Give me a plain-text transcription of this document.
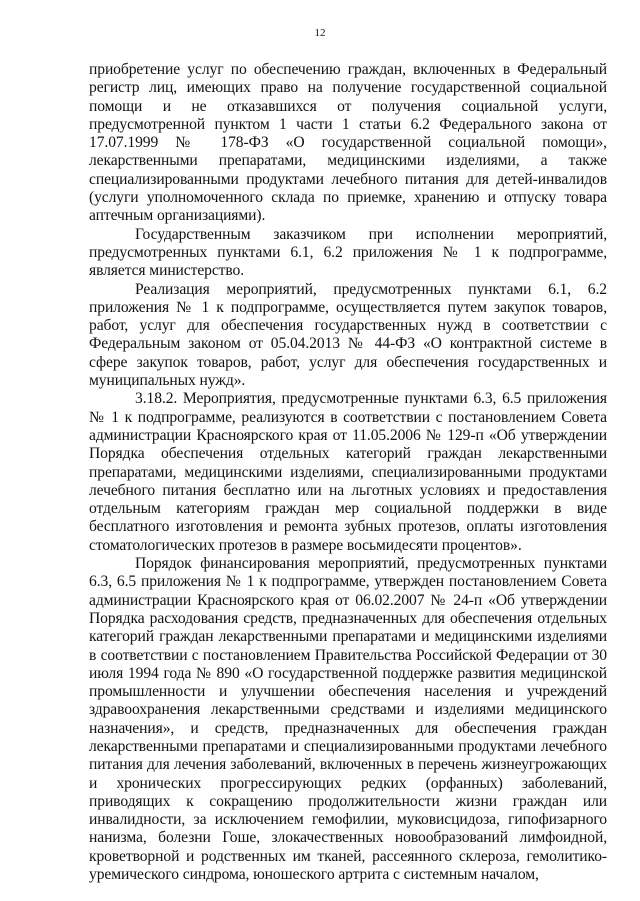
12

приобретение услуг по обеспечению граждан, включенных в Федеральный регистр лиц, имеющих право на получение государственной социальной помощи и не отказавшихся от получения социальной услуги, предусмотренной пунктом 1 части 1 статьи 6.2 Федерального закона от 17.07.1999 № 178-ФЗ «О государственной социальной помощи», лекарственными препаратами, медицинскими изделиями, а также специализированными продуктами лечебного питания для детей-инвалидов (услуги уполномоченного склада по приемке, хранению и отпуску товара аптечным организациями).

Государственным заказчиком при исполнении мероприятий, предусмотренных пунктами 6.1, 6.2 приложения № 1 к подпрограмме, является министерство.

Реализация мероприятий, предусмотренных пунктами 6.1, 6.2 приложения № 1 к подпрограмме, осуществляется путем закупок товаров, работ, услуг для обеспечения государственных нужд в соответствии с Федеральным законом от 05.04.2013 № 44-ФЗ «О контрактной системе в сфере закупок товаров, работ, услуг для обеспечения государственных и муниципальных нужд».

3.18.2. Мероприятия, предусмотренные пунктами 6.3, 6.5 приложения № 1 к подпрограмме, реализуются в соответствии с постановлением Совета администрации Красноярского края от 11.05.2006 № 129-п «Об утверждении Порядка обеспечения отдельных категорий граждан лекарственными препаратами, медицинскими изделиями, специализированными продуктами лечебного питания бесплатно или на льготных условиях и предоставления отдельным категориям граждан мер социальной поддержки в виде бесплатного изготовления и ремонта зубных протезов, оплаты изготовления стоматологических протезов в размере восьмидесяти процентов».

Порядок финансирования мероприятий, предусмотренных пунктами 6.3, 6.5 приложения № 1 к подпрограмме, утвержден постановлением Совета администрации Красноярского края от 06.02.2007 № 24-п «Об утверждении Порядка расходования средств, предназначенных для обеспечения отдельных категорий граждан лекарственными препаратами и медицинскими изделиями в соответствии с постановлением Правительства Российской Федерации от 30 июля 1994 года № 890 «О государственной поддержке развития медицинской промышленности и улучшении обеспечения населения и учреждений здравоохранения лекарственными средствами и изделиями медицинского назначения», и средств, предназначенных для обеспечения граждан лекарственными препаратами и специализированными продуктами лечебного питания для лечения заболеваний, включенных в перечень жизнеугрожающих и хронических прогрессирующих редких (орфанных) заболеваний, приводящих к сокращению продолжительности жизни граждан или инвалидности, за исключением гемофилии, муковисцидоза, гипофизарного нанизма, болезни Гоше, злокачественных новообразований лимфоидной, кроветворной и родственных им тканей, рассеянного склероза, гемолитико-уремического синдрома, юношеского артрита с системным началом,
